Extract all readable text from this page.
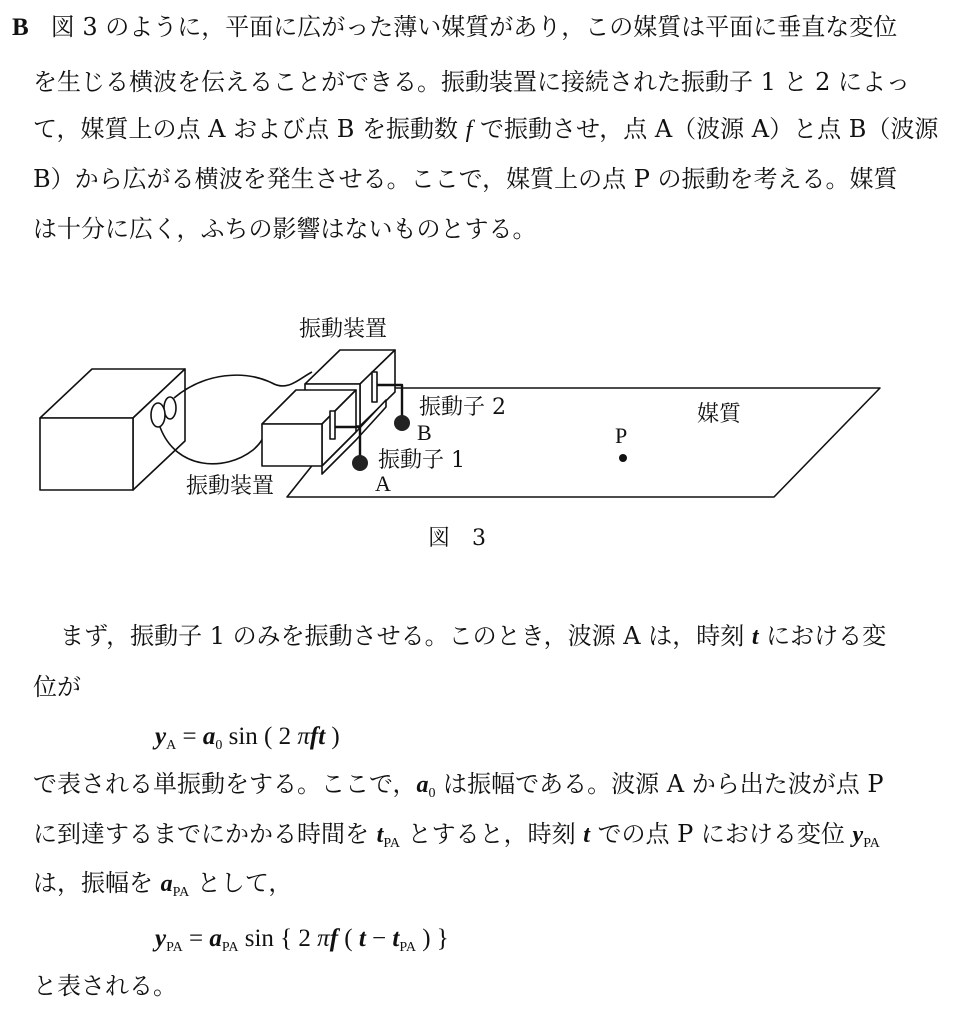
B 図 3 のように，平面に広がった薄い媒質があり，この媒質は平面に垂直な変位
を生じる横波を伝えることができる。振動装置に接続された振動子 1 と 2 によっ
て，媒質上の点 A および点 B を振動数 f で振動させ，点 A（波源 A）と点 B（波源
B）から広がる横波を発生させる。ここで，媒質上の点 P の振動を考える。媒質
は十分に広く，ふちの影響はないものとする。
振動装置
振動装置
振動子 2
振動子 1
B
A
P
媒質
図　3
まず，振動子 1 のみを振動させる。このとき，波源 A は，時刻 t における変
位が
$y_A = a_0$ sin ( 2 πft )
で表される単振動をする。ここで，$a_0$ は振幅である。波源 A から出た波が点 P
に到達するまでにかかる時間を $t_{PA}$ とすると，時刻 t での点 P における変位 $y_{PA}$
は，振幅を $a_{PA}$ として，
$y_{PA} = a_{PA}$ sin { 2 πf ( $t - t_{PA}$ ) }
と表される。
